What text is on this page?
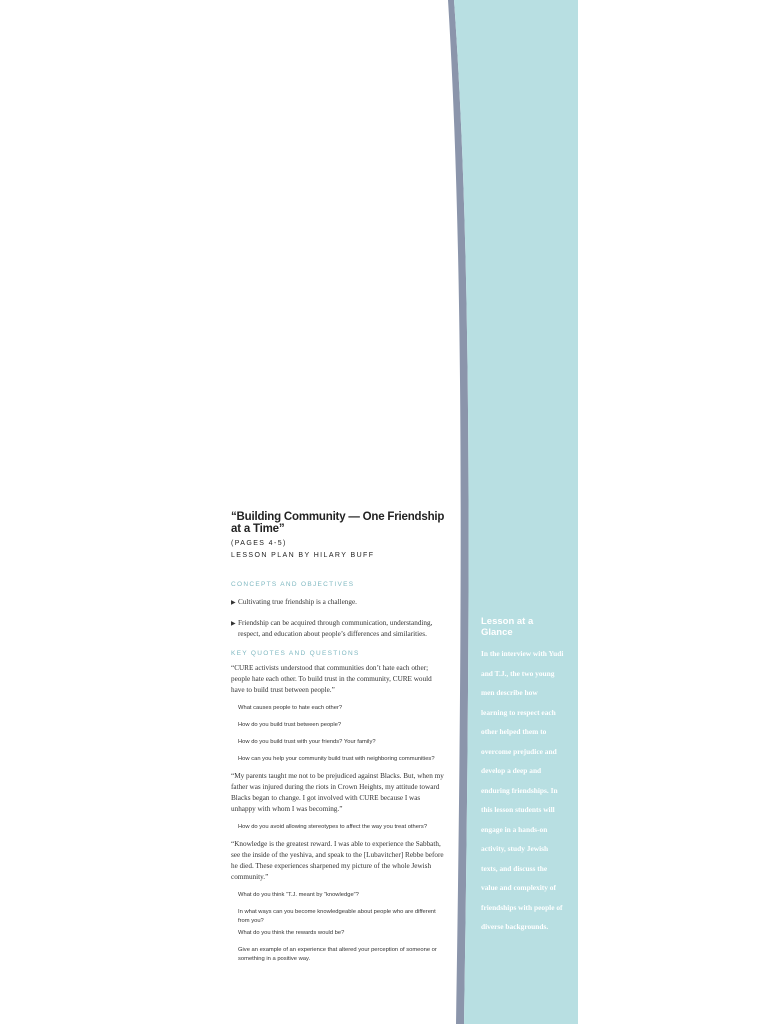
“Building Community — One Friendship at a Time”
(PAGES 4-5)
LESSON PLAN BY HILARY BUFF
CONCEPTS AND OBJECTIVES
▶ Cultivating true friendship is a challenge.
▶ Friendship can be acquired through communication, understanding, respect, and education about people’s differences and similarities.
KEY QUOTES AND QUESTIONS
“CURE activists understood that communities don’t hate each other; people hate each other. To build trust in the community, CURE would have to build trust between people.”
What causes people to hate each other?
How do you build trust between people?
How do you build trust with your friends? Your family?
How can you help your community build trust with neighboring communities?
“My parents taught me not to be prejudiced against Blacks. But, when my father was injured during the riots in Crown Heights, my attitude toward Blacks began to change. I got involved with CURE because I was unhappy with whom I was becoming.”
How do you avoid allowing stereotypes to affect the way you treat others?
“Knowledge is the greatest reward. I was able to experience the Sabbath, see the inside of the yeshiva, and speak to the [Lubavitcher] Rebbe before he died. These experiences sharpened my picture of the whole Jewish community.”
What do you think “T.J. meant by “knowledge”?
In what ways can you become knowledgeable about people who are different from you?
What do you think the rewards would be?
Give an example of an experience that altered your perception of someone or something in a positive way.
Lesson at a Glance
In the interview with Yudi and T.J., the two young men describe how learning to respect each other helped them to overcome prejudice and develop a deep and enduring friendships. In this lesson students will engage in a hands-on activity, study Jewish texts, and discuss the value and complexity of friendships with people of diverse backgrounds.
